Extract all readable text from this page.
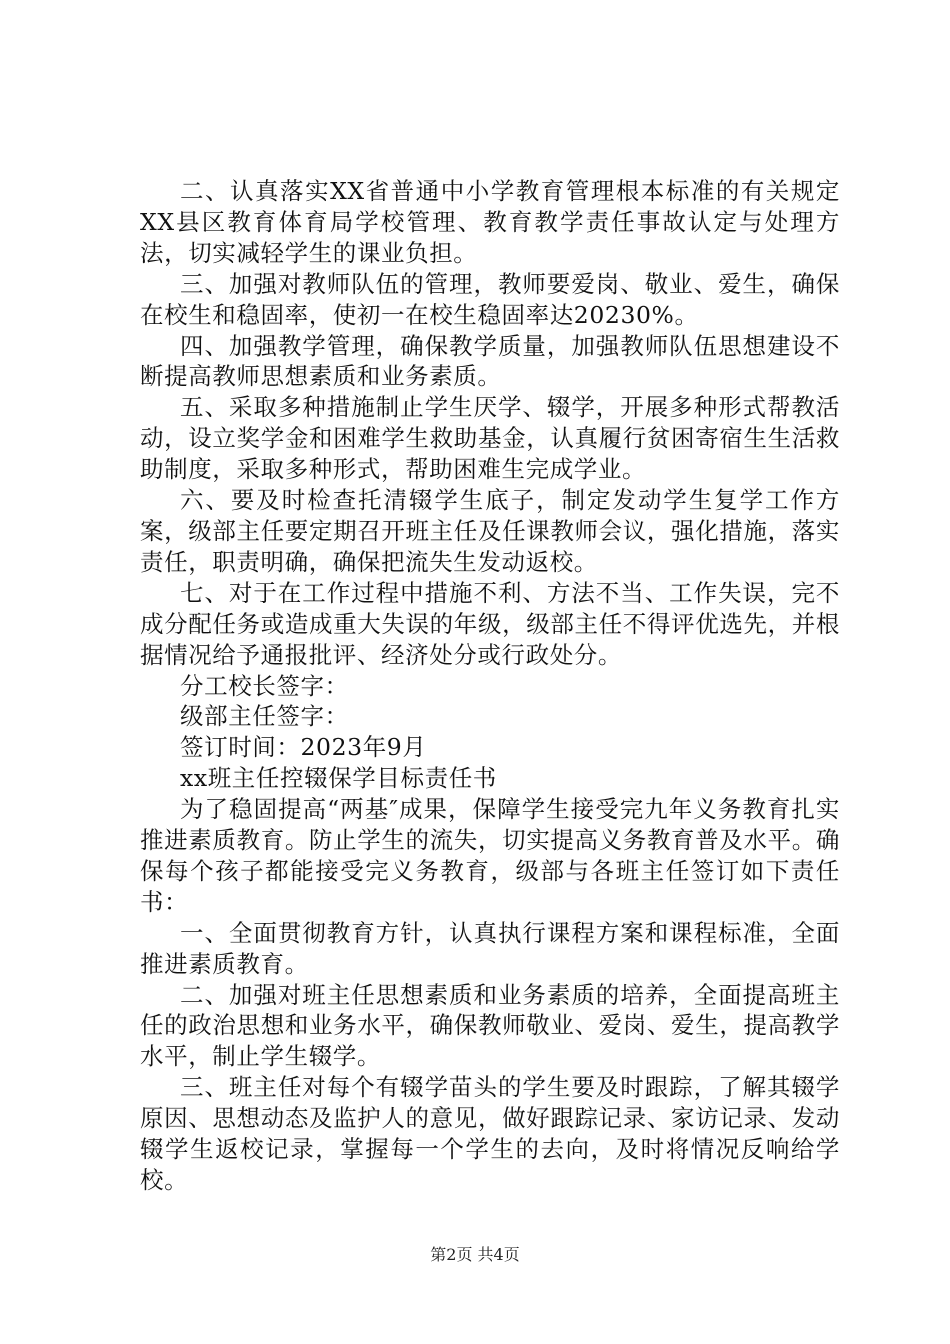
二、认真落实XX省普通中小学教育管理根本标准的有关规定XX县区教育体育局学校管理、教育教学责任事故认定与处理方法，切实减轻学生的课业负担。

三、加强对教师队伍的管理，教师要爱岗、敬业、爱生，确保在校生和稳固率，使初一在校生稳固率达20230%。

四、加强教学管理，确保教学质量，加强教师队伍思想建设不断提高教师思想素质和业务素质。

五、采取多种措施制止学生厌学、辍学，开展多种形式帮教活动，设立奖学金和困难学生救助基金，认真履行贫困寄宿生生活救助制度，采取多种形式，帮助困难生完成学业。

六、要及时检查托清辍学生底子，制定发动学生复学工作方案，级部主任要定期召开班主任及任课教师会议，强化措施，落实责任，职责明确，确保把流失生发动返校。

七、对于在工作过程中措施不利、方法不当、工作失误，完不成分配任务或造成重大失误的年级，级部主任不得评优选先，并根据情况给予通报批评、经济处分或行政处分。

分工校长签字：

级部主任签字：

签订时间：2023年9月

xx班主任控辍保学目标责任书

为了稳固提高“两基″成果，保障学生接受完九年义务教育扎实推进素质教育。防止学生的流失，切实提高义务教育普及水平。确保每个孩子都能接受完义务教育，级部与各班主任签订如下责任书：

一、全面贯彻教育方针，认真执行课程方案和课程标准，全面推进素质教育。

二、加强对班主任思想素质和业务素质的培养，全面提高班主任的政治思想和业务水平，确保教师敬业、爱岗、爱生，提高教学水平，制止学生辍学。

三、班主任对每个有辍学苗头的学生要及时跟踪，了解其辍学原因、思想动态及监护人的意见，做好跟踪记录、家访记录、发动辍学生返校记录，掌握每一个学生的去向，及时将情况反响给学校。

第2页 共4页
